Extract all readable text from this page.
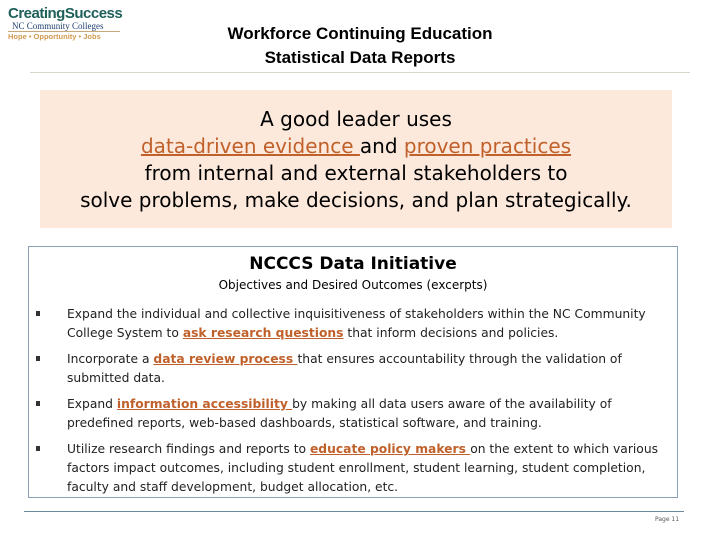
CreatingSuccess
NC Community Colleges
Hope • Opportunity • Jobs	Workforce Continuing Education
Statistical Data Reports
A good leader uses
data-driven evidence and proven practices
from internal and external stakeholders to
solve problems, make decisions, and plan strategically.
NCCCS Data Initiative
Objectives and Desired Outcomes (excerpts)
Expand the individual and collective inquisitiveness of stakeholders within the NC Community College System to ask research questions that inform decisions and policies.
Incorporate a data review process that ensures accountability through the validation of submitted data.
Expand information accessibility by making all data users aware of the availability of predefined reports, web-based dashboards, statistical software, and training.
Utilize research findings and reports to educate policy makers on the extent to which various factors impact outcomes, including student enrollment, student learning, student completion, faculty and staff development, budget allocation, etc.
Page 11
